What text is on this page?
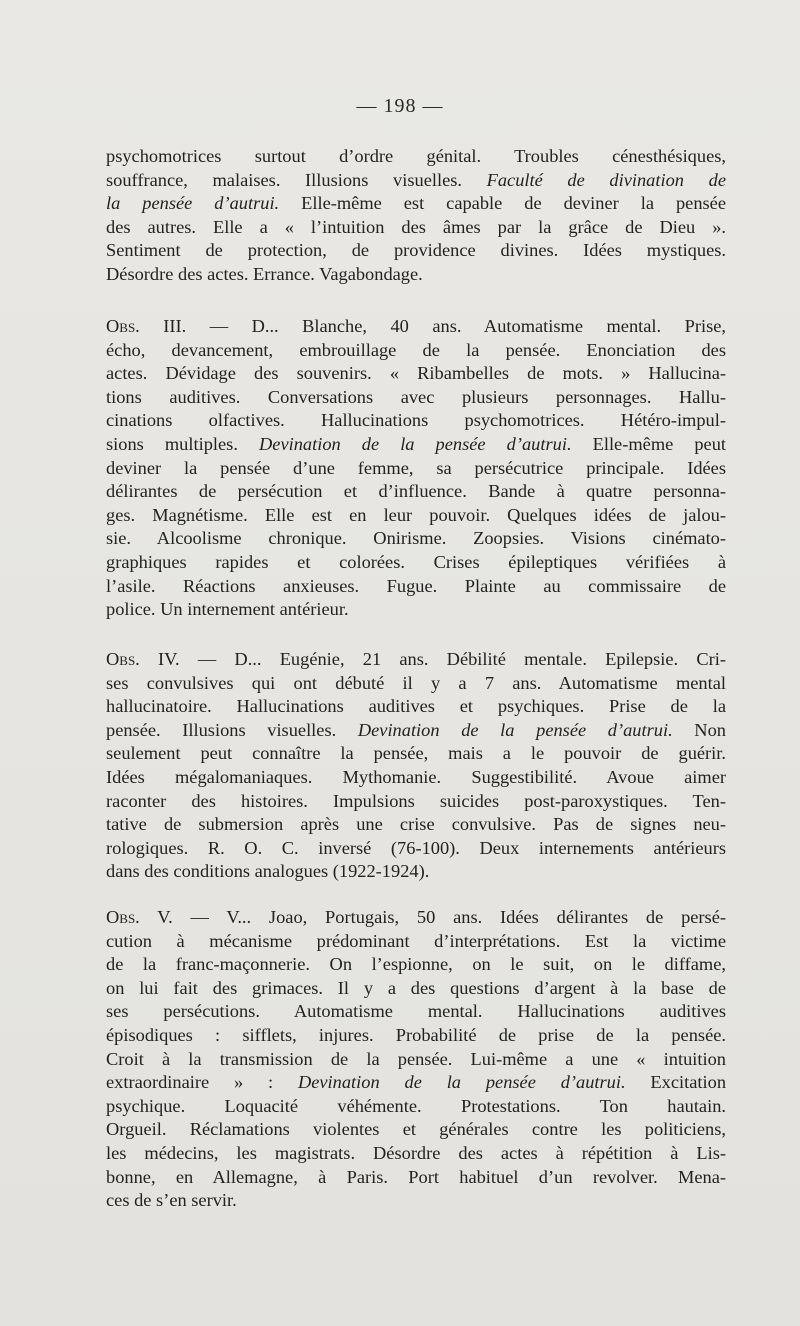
— 198 —
psychomotrices surtout d’ordre génital. Troubles cénesthésiques,
souffrance, malaises. Illusions visuelles. Faculté de divination de
la pensée d’autrui. Elle-même est capable de deviner la pensée
des autres. Elle a « l’intuition des âmes par la grâce de Dieu ».
Sentiment de protection, de providence divines. Idées mystiques.
Désordre des actes. Errance. Vagabondage.
Obs. III. — D... Blanche, 40 ans. Automatisme mental. Prise,
écho, devancement, embrouillage de la pensée. Enonciation des
actes. Dévidage des souvenirs. « Ribambelles de mots. » Hallucina-
tions auditives. Conversations avec plusieurs personnages. Hallu-
cinations olfactives. Hallucinations psychomotrices. Hétéro-impul-
sions multiples. Devination de la pensée d’autrui. Elle-même peut
deviner la pensée d’une femme, sa persécutrice principale. Idées
délirantes de persécution et d’influence. Bande à quatre personna-
ges. Magnétisme. Elle est en leur pouvoir. Quelques idées de jalou-
sie. Alcoolisme chronique. Onirisme. Zoopsies. Visions cinémato-
graphiques rapides et colorées. Crises épileptiques vérifiées à
l’asile. Réactions anxieuses. Fugue. Plainte au commissaire de
police. Un internement antérieur.
Obs. IV. — D... Eugénie, 21 ans. Débilité mentale. Epilepsie. Cri-
ses convulsives qui ont débuté il y a 7 ans. Automatisme mental
hallucinatoire. Hallucinations auditives et psychiques. Prise de la
pensée. Illusions visuelles. Devination de la pensée d’autrui. Non
seulement peut connaître la pensée, mais a le pouvoir de guérir.
Idées mégalomaniaques. Mythomanie. Suggestibilité. Avoue aimer
raconter des histoires. Impulsions suicides post-paroxystiques. Ten-
tative de submersion après une crise convulsive. Pas de signes neu-
rologiques. R. O. C. inversé (76-100). Deux internements antérieurs
dans des conditions analogues (1922-1924).
Obs. V. — V... Joao, Portugais, 50 ans. Idées délirantes de persé-
cution à mécanisme prédominant d’interprétations. Est la victime
de la franc-maçonnerie. On l’espionne, on le suit, on le diffame,
on lui fait des grimaces. Il y a des questions d’argent à la base de
ses persécutions. Automatisme mental. Hallucinations auditives
épisodiques : sifflets, injures. Probabilité de prise de la pensée.
Croit à la transmission de la pensée. Lui-même a une « intuition
extraordinaire » : Devination de la pensée d’autrui. Excitation
psychique. Loquacité véhémente. Protestations. Ton hautain.
Orgueil. Réclamations violentes et générales contre les politiciens,
les médecins, les magistrats. Désordre des actes à répétition à Lis-
bonne, en Allemagne, à Paris. Port habituel d’un revolver. Mena-
ces de s’en servir.
